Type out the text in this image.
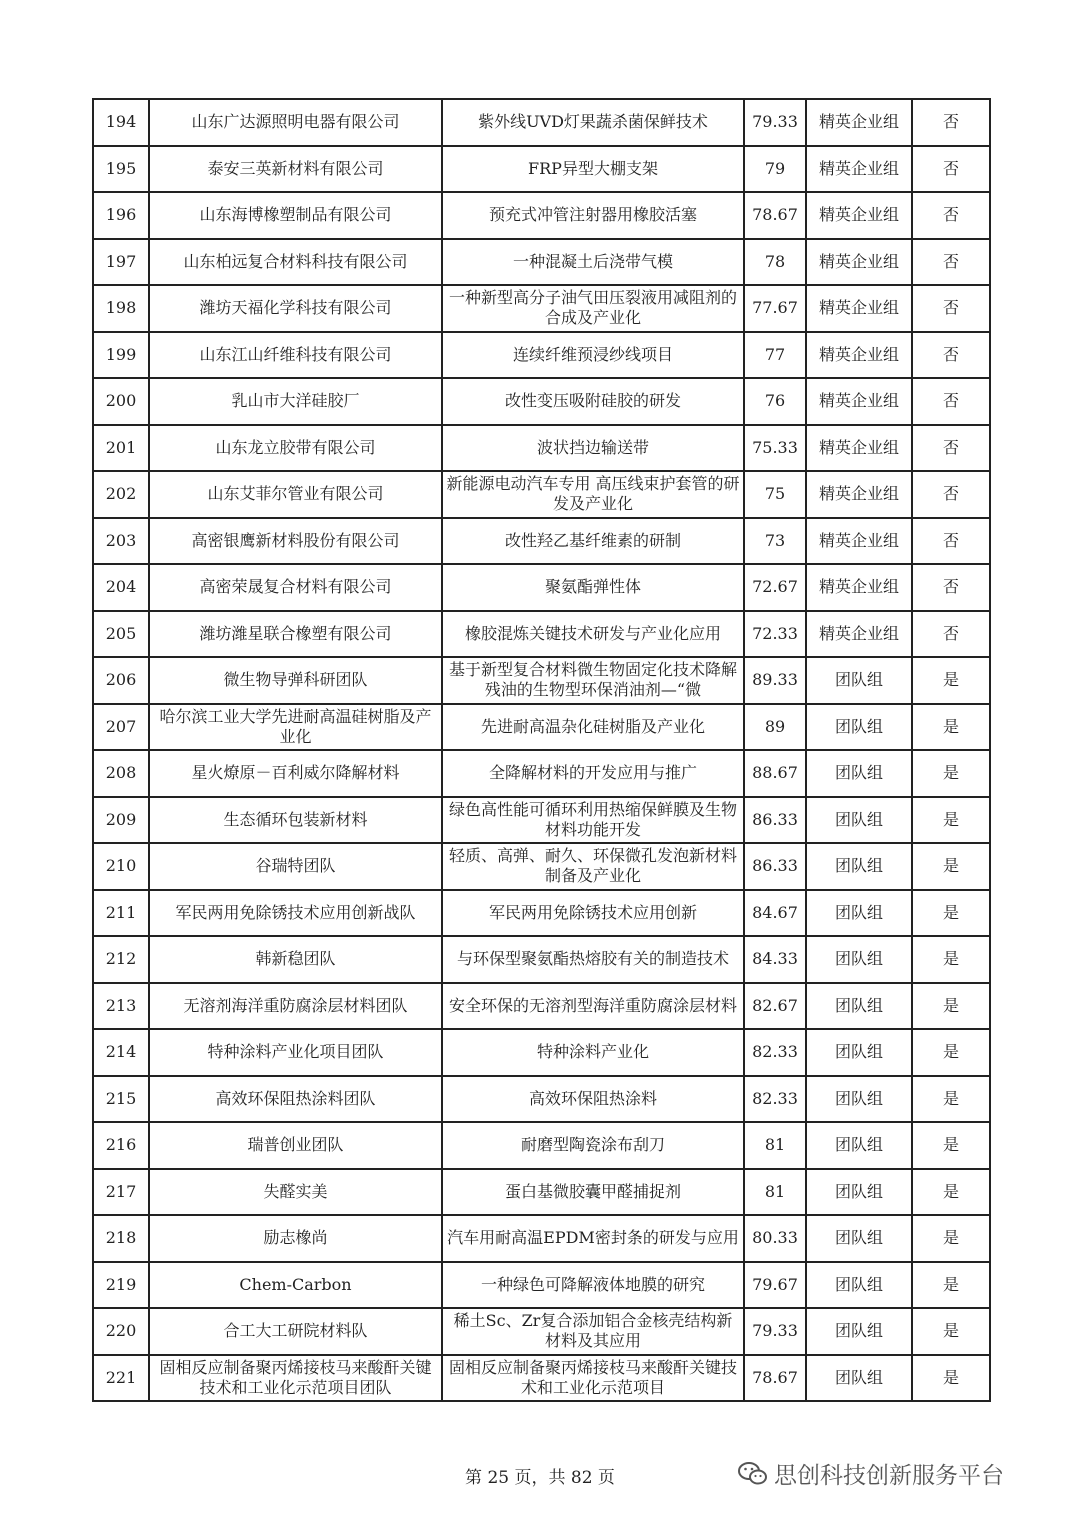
194	山东广达源照明电器有限公司	紫外线UVD灯果蔬杀菌保鲜技术	79.33	精英企业组	否
195	泰安三英新材料有限公司	FRP异型大棚支架	79	精英企业组	否
196	山东海博橡塑制品有限公司	预充式冲管注射器用橡胶活塞	78.67	精英企业组	否
197	山东柏远复合材料科技有限公司	一种混凝土后浇带气模	78	精英企业组	否
198	潍坊天福化学科技有限公司	一种新型高分子油气田压裂液用减阻剂的合成及产业化	77.67	精英企业组	否
199	山东江山纤维科技有限公司	连续纤维预浸纱线项目	77	精英企业组	否
200	乳山市大洋硅胶厂	改性变压吸附硅胶的研发	76	精英企业组	否
201	山东龙立胶带有限公司	波状挡边输送带	75.33	精英企业组	否
202	山东艾菲尔管业有限公司	新能源电动汽车专用 高压线束护套管的研发及产业化	75	精英企业组	否
203	高密银鹰新材料股份有限公司	改性羟乙基纤维素的研制	73	精英企业组	否
204	高密荣晟复合材料有限公司	聚氨酯弹性体	72.67	精英企业组	否
205	潍坊潍星联合橡塑有限公司	橡胶混炼关键技术研发与产业化应用	72.33	精英企业组	否
206	微生物导弹科研团队	基于新型复合材料微生物固定化技术降解残油的生物型环保消油剂—“微	89.33	团队组	是
207	哈尔滨工业大学先进耐高温硅树脂及产业化	先进耐高温杂化硅树脂及产业化	89	团队组	是
208	星火燎原－百利威尔降解材料	全降解材料的开发应用与推广	88.67	团队组	是
209	生态循环包装新材料	绿色高性能可循环利用热缩保鲜膜及生物材料功能开发	86.33	团队组	是
210	谷瑞特团队	轻质、高弹、耐久、环保微孔发泡新材料制备及产业化	86.33	团队组	是
211	军民两用免除锈技术应用创新战队	军民两用免除锈技术应用创新	84.67	团队组	是
212	韩新稳团队	与环保型聚氨酯热熔胶有关的制造技术	84.33	团队组	是
213	无溶剂海洋重防腐涂层材料团队	安全环保的无溶剂型海洋重防腐涂层材料	82.67	团队组	是
214	特种涂料产业化项目团队	特种涂料产业化	82.33	团队组	是
215	高效环保阻热涂料团队	高效环保阻热涂料	82.33	团队组	是
216	瑞普创业团队	耐磨型陶瓷涂布刮刀	81	团队组	是
217	失醛实美	蛋白基微胶囊甲醛捕捉剂	81	团队组	是
218	励志橡尚	汽车用耐高温EPDM密封条的研发与应用	80.33	团队组	是
219	Chem-Carbon	一种绿色可降解液体地膜的研究	79.67	团队组	是
220	合工大工研院材料队	稀土Sc、Zr复合添加铝合金核壳结构新材料及其应用	79.33	团队组	是
221	固相反应制备聚丙烯接枝马来酸酐关键技术和工业化示范项目团队	固相反应制备聚丙烯接枝马来酸酐关键技术和工业化示范项目	78.67	团队组	是
第 25 页，共 82 页	思创科技创新服务平台
